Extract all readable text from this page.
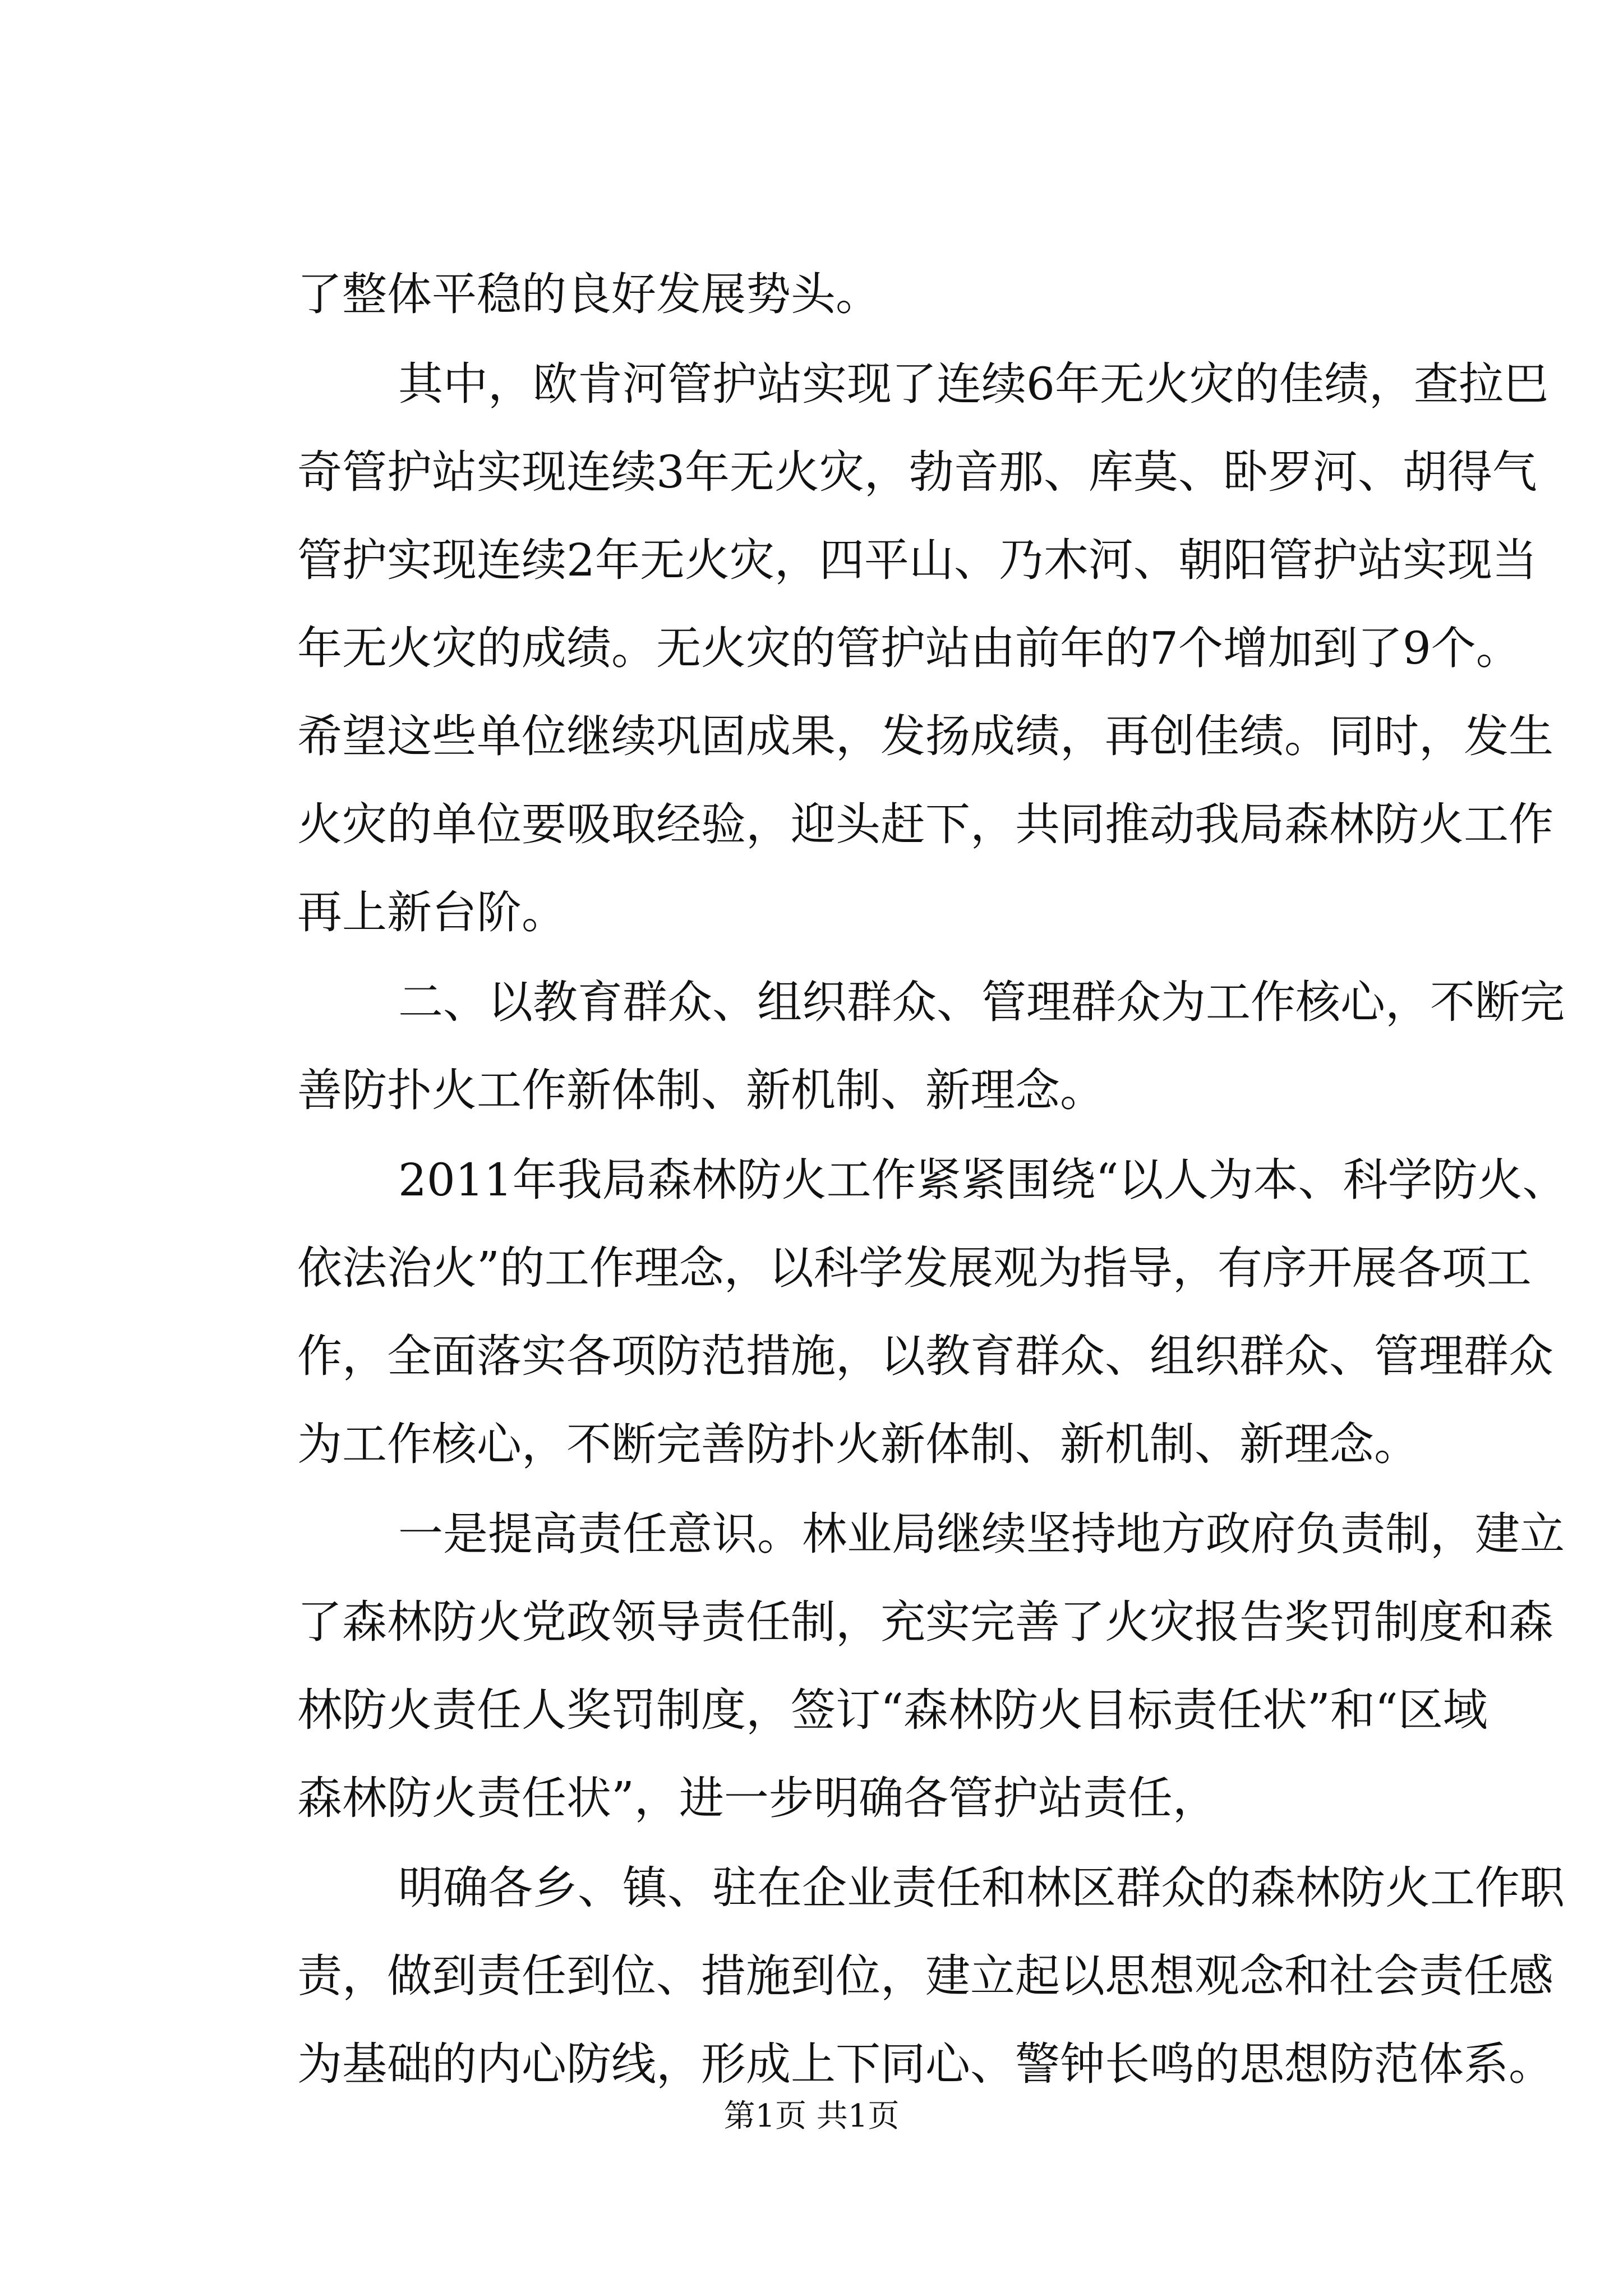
了整体平稳的良好发展势头。
其中，欧肯河管护站实现了连续6年无火灾的佳绩，查拉巴
奇管护站实现连续3年无火灾，勃音那、库莫、卧罗河、胡得气
管护实现连续2年无火灾，四平山、乃木河、朝阳管护站实现当
年无火灾的成绩。无火灾的管护站由前年的7个增加到了9个。
希望这些单位继续巩固成果，发扬成绩，再创佳绩。同时，发生
火灾的单位要吸取经验，迎头赶下，共同推动我局森林防火工作
再上新台阶。
二、以教育群众、组织群众、管理群众为工作核心，不断完
善防扑火工作新体制、新机制、新理念。
2011年我局森林防火工作紧紧围绕“以人为本、科学防火、
依法治火”的工作理念，以科学发展观为指导，有序开展各项工
作，全面落实各项防范措施，以教育群众、组织群众、管理群众
为工作核心，不断完善防扑火新体制、新机制、新理念。
一是提高责任意识。林业局继续坚持地方政府负责制，建立
了森林防火党政领导责任制，充实完善了火灾报告奖罚制度和森
林防火责任人奖罚制度，签订“森林防火目标责任状”和“区域
森林防火责任状”，进一步明确各管护站责任，
明确各乡、镇、驻在企业责任和林区群众的森林防火工作职
责，做到责任到位、措施到位，建立起以思想观念和社会责任感
为基础的内心防线，形成上下同心、警钟长鸣的思想防范体系。
第1页 共1页
